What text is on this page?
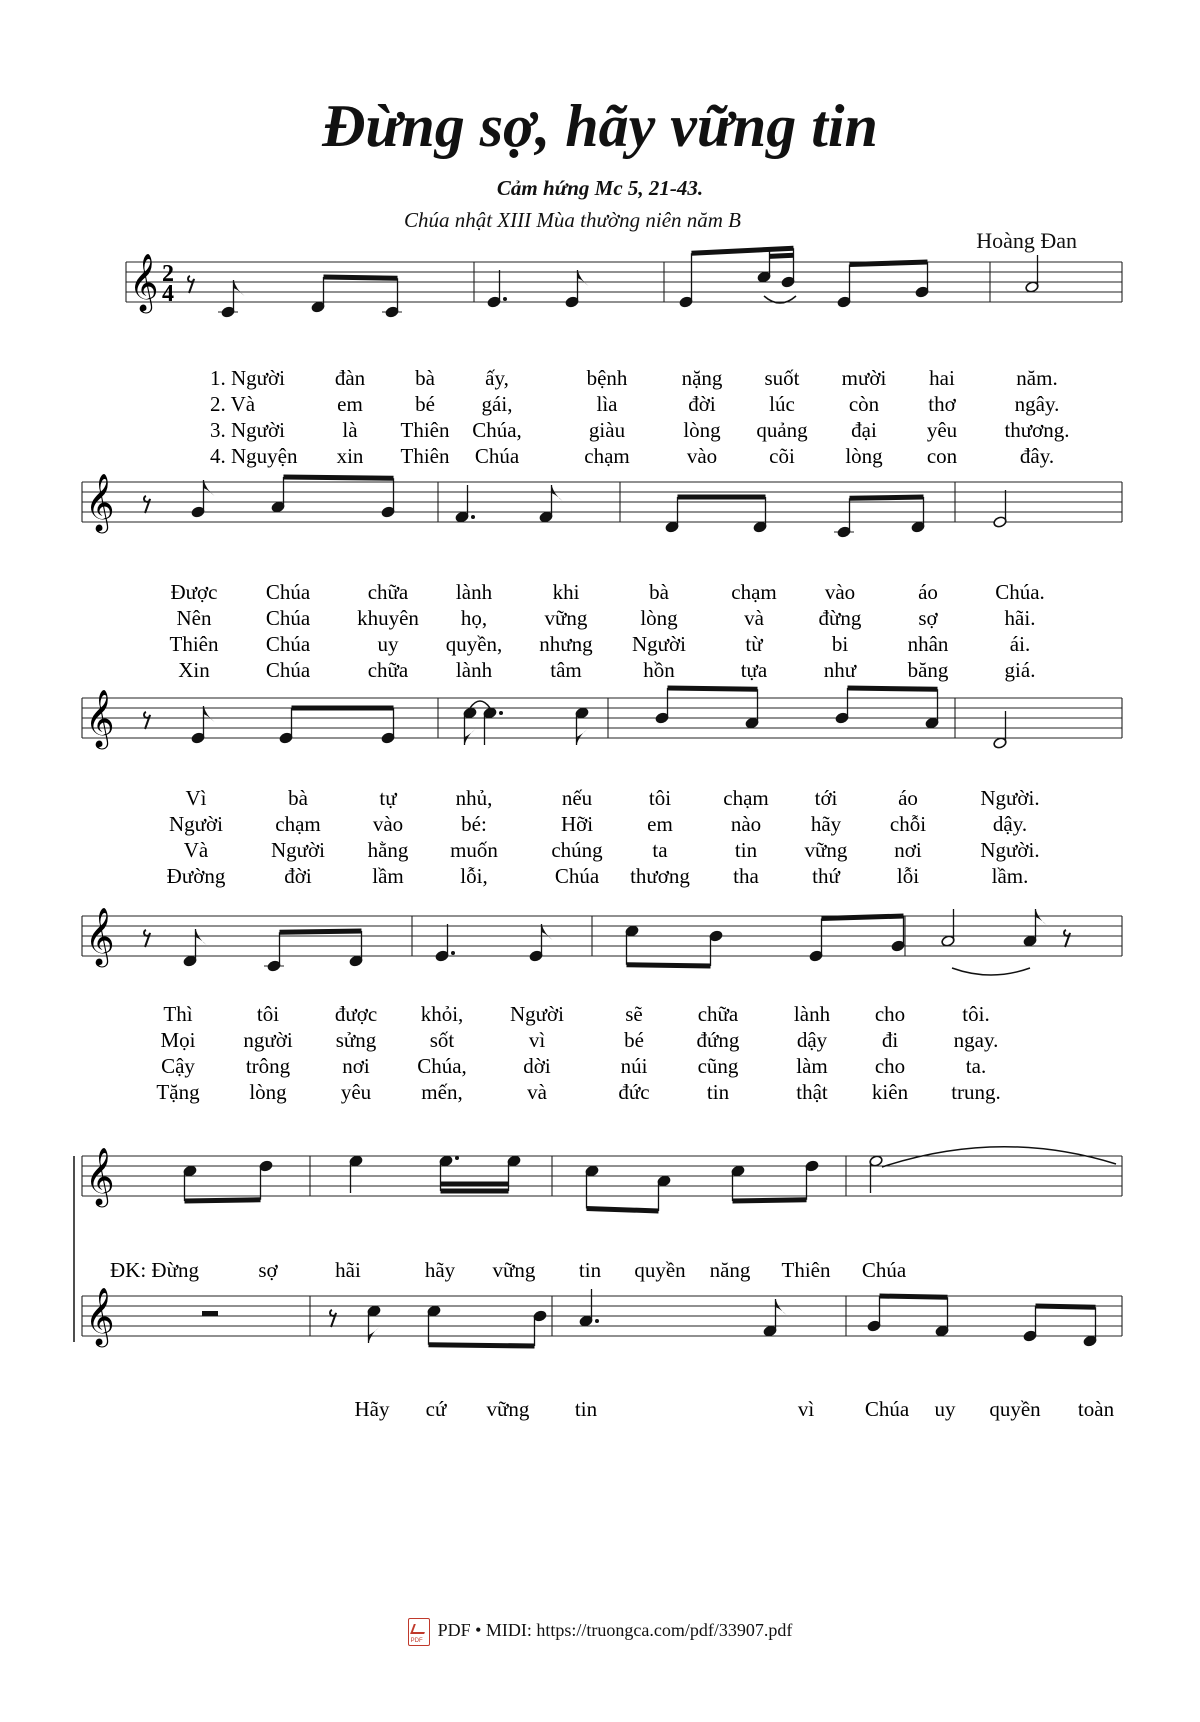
Đừng sợ, hãy vững tin
Cảm hứng Mc 5, 21-43.
Chúa nhật XIII Mùa thường niên năm B
Hoàng Đan
𝄞 2
4
1. Người đàn bà ấy,	bệnh	nặng suốt mười hai	năm.
2. Và	em bé gái,	lìa	đời	lúc	còn thơ	ngây.
3. Người	là Thiên Chúa,	giàu	lòng quảng đại yêu thương.
4. Nguyện xin Thiên Chúa	chạm	vào cõi lòng con	đây.
𝄞
Được Chúa	chữa lành	khi	bà	chạm vào	áo	Chúa.
Nên	Chúa khuyên họ,	vững	lòng	và	đừng	sợ	hãi.
Thiên Chúa	uy quyền, nhưng Người	từ	bi	nhân	ái.
Xin	Chúa	chữa lành	tâm	hồn	tựa	như băng	giá.
𝄞
Vì	bà	tự	nhủ,	nếu	tôi chạm tới	áo	Người.
Người chạm vào	bé:	Hỡi	em	nào hãy chỗi	dậy.
Và	Người hằng muốn	chúng ta	tin vững nơi	Người.
Đường	đời	lầm	lỗi,	Chúa thương tha	thứ	lỗi	lầm.
𝄞
Thì	tôi	được khỏi, Người	sẽ	chữa	lành cho	tôi.
Mọi người sửng	sốt	vì	bé	đứng	dậy	đi	ngay.
Cậy trông nơi Chúa,	dời	núi cũng	làm cho	ta.
Tặng lòng	yêu mến,	và	đức	tin	thật kiên trung.
𝄞
ĐK: Đừng	sợ	hãi	hãy vững tin quyền năng Thiên Chúa
𝄞
Hãy cứ vững tin	vì Chúa uy quyền toàn
PDFPDF • MIDI: https://truongca.com/pdf/33907.pdf
